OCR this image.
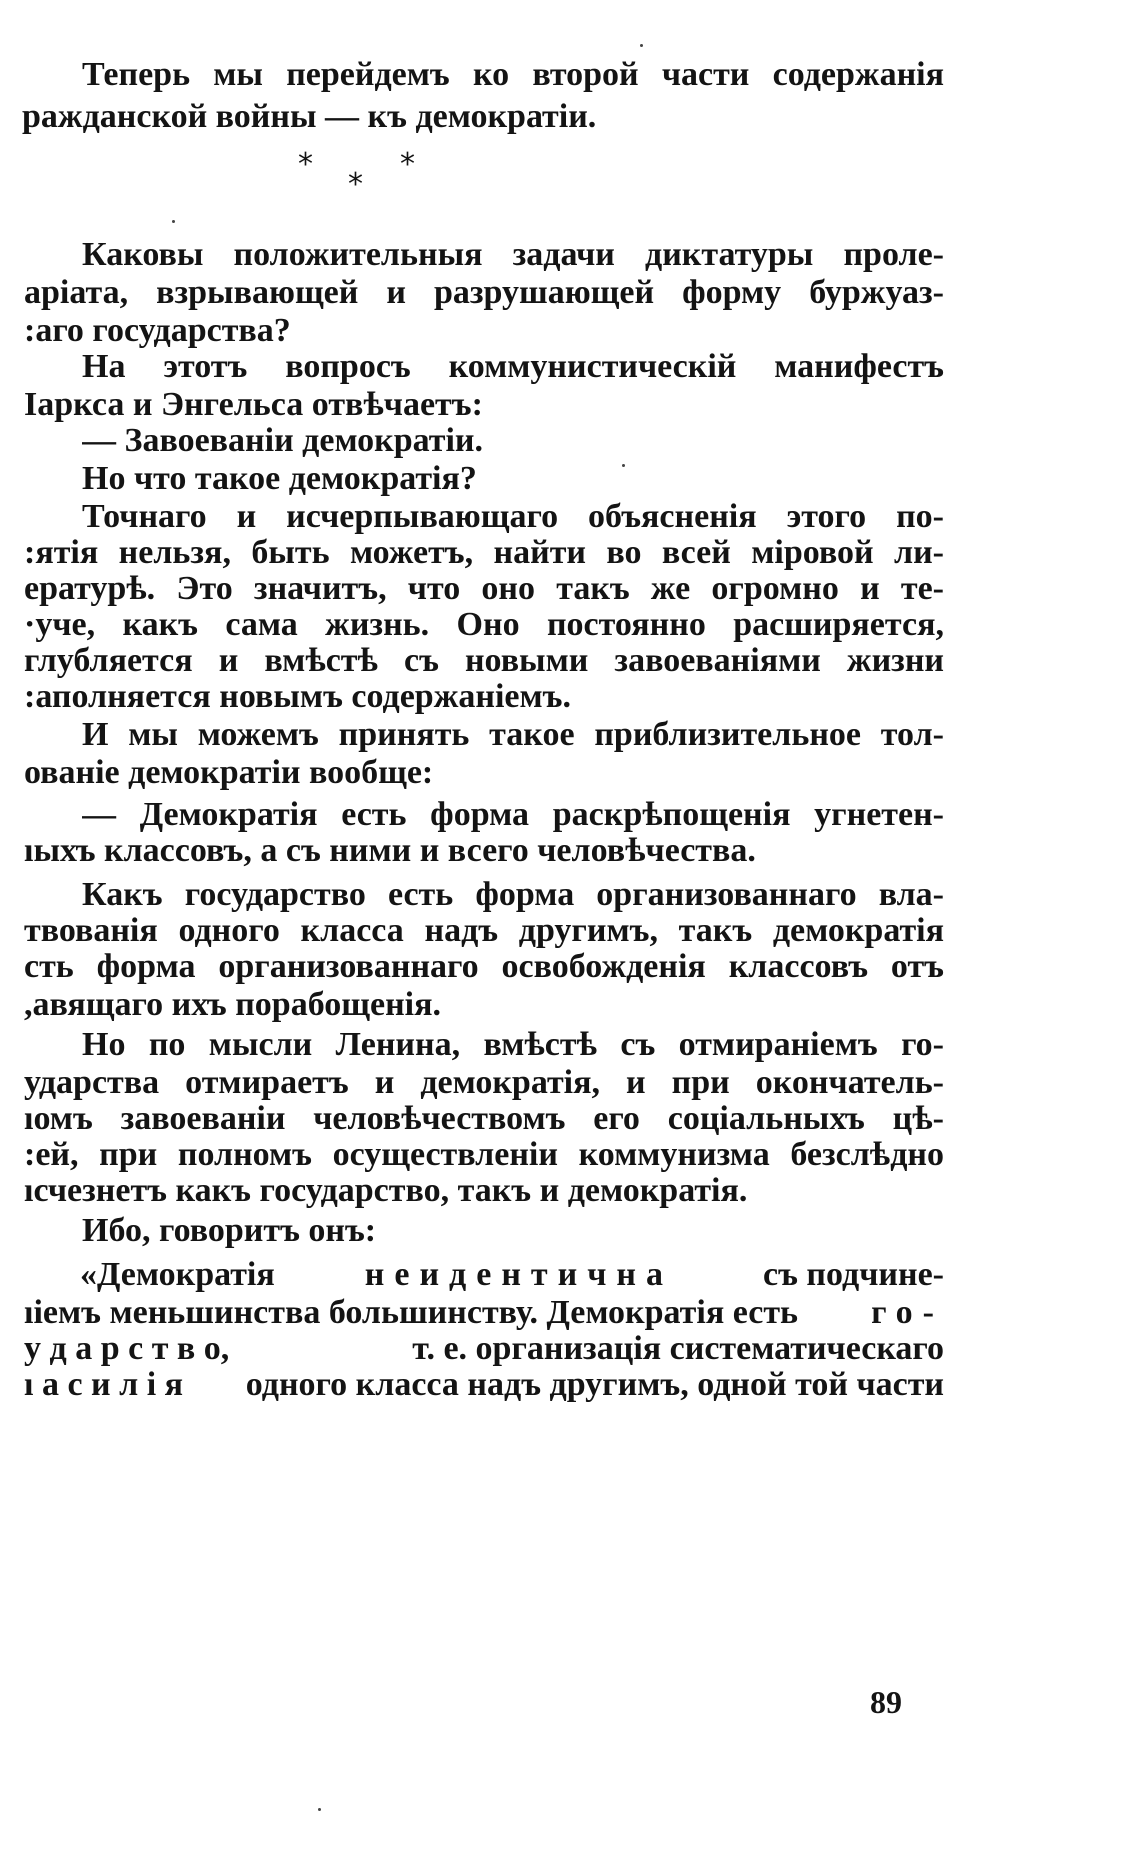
Теперь мы перейдемъ ко второй части содержанія
ражданской войны — къ демократіи.
*	*
*
Каковы положительныя задачи диктатуры проле-
аріата, взрывающей и разрушающей форму буржуаз-
:аго государства?
На этотъ вопросъ коммунистическій манифестъ
Іаркса и Энгельса отвѣчаетъ:
— Завоеваніи демократіи.
Но что такое демократія?
Точнаго и исчерпывающаго объясненія этого по-
:ятія нельзя, быть можетъ, найти во всей міровой ли-
ературѣ. Это значитъ, что оно такъ же огромно и те-
·уче, какъ сама жизнь. Оно постоянно расширяется,
глубляется и вмѣстѣ съ новыми завоеваніями жизни
:аполняется новымъ содержаніемъ.
И мы можемъ принять такое приблизительное тол-
ованіе демократіи вообще:
— Демократія есть форма раскрѣпощенія угнетен-
ıыхъ классовъ, а съ ними и всего человѣчества.
Какъ государство есть форма организованнаго вла-
твованія одного класса надъ другимъ, такъ демократія
сть форма организованнаго освобожденія классовъ отъ
,авящаго ихъ порабощенія.
Но по мысли Ленина, вмѣстѣ съ отмираніемъ го-
ударства отмираетъ и демократія, и при окончатель-
ıомъ завоеваніи человѣчествомъ его соціальныхъ цѣ-
:ей, при полномъ осуществленіи коммунизма безслѣдно
ıсчезнетъ какъ государство, такъ и демократія.
Ибо, говоритъ онъ:
«Демократія	неидентична	съ подчине-
ıіемъ меньшинства большинству. Демократія есть го-
у д а р с т в о,	т. е. организація систематическаго
ı а с и л і я одного класса надъ другимъ, одной той части
89
